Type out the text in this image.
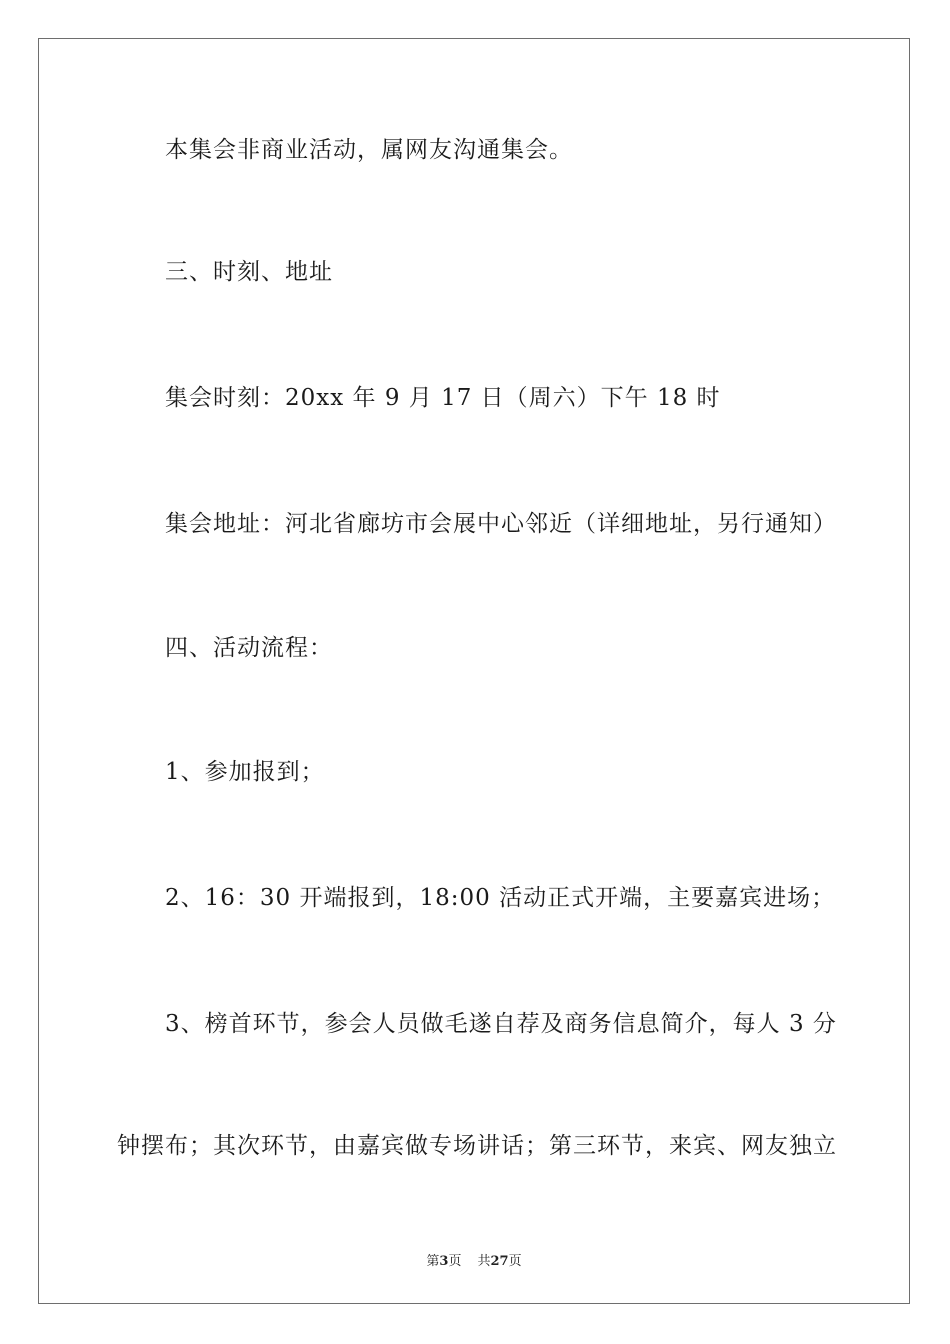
本集会非商业活动，属网友沟通集会。
三、时刻、地址
集会时刻：20xx 年 9 月 17 日（周六）下午 18 时
集会地址：河北省廊坊市会展中心邻近（详细地址，另行通知）
四、活动流程：
1、参加报到；
2、16：30 开端报到，18:00 活动正式开端，主要嘉宾进场；
3、榜首环节，参会人员做毛遂自荐及商务信息简介，每人 3 分
钟摆布；其次环节，由嘉宾做专场讲话；第三环节，来宾、网友独立
第3页 共27页
